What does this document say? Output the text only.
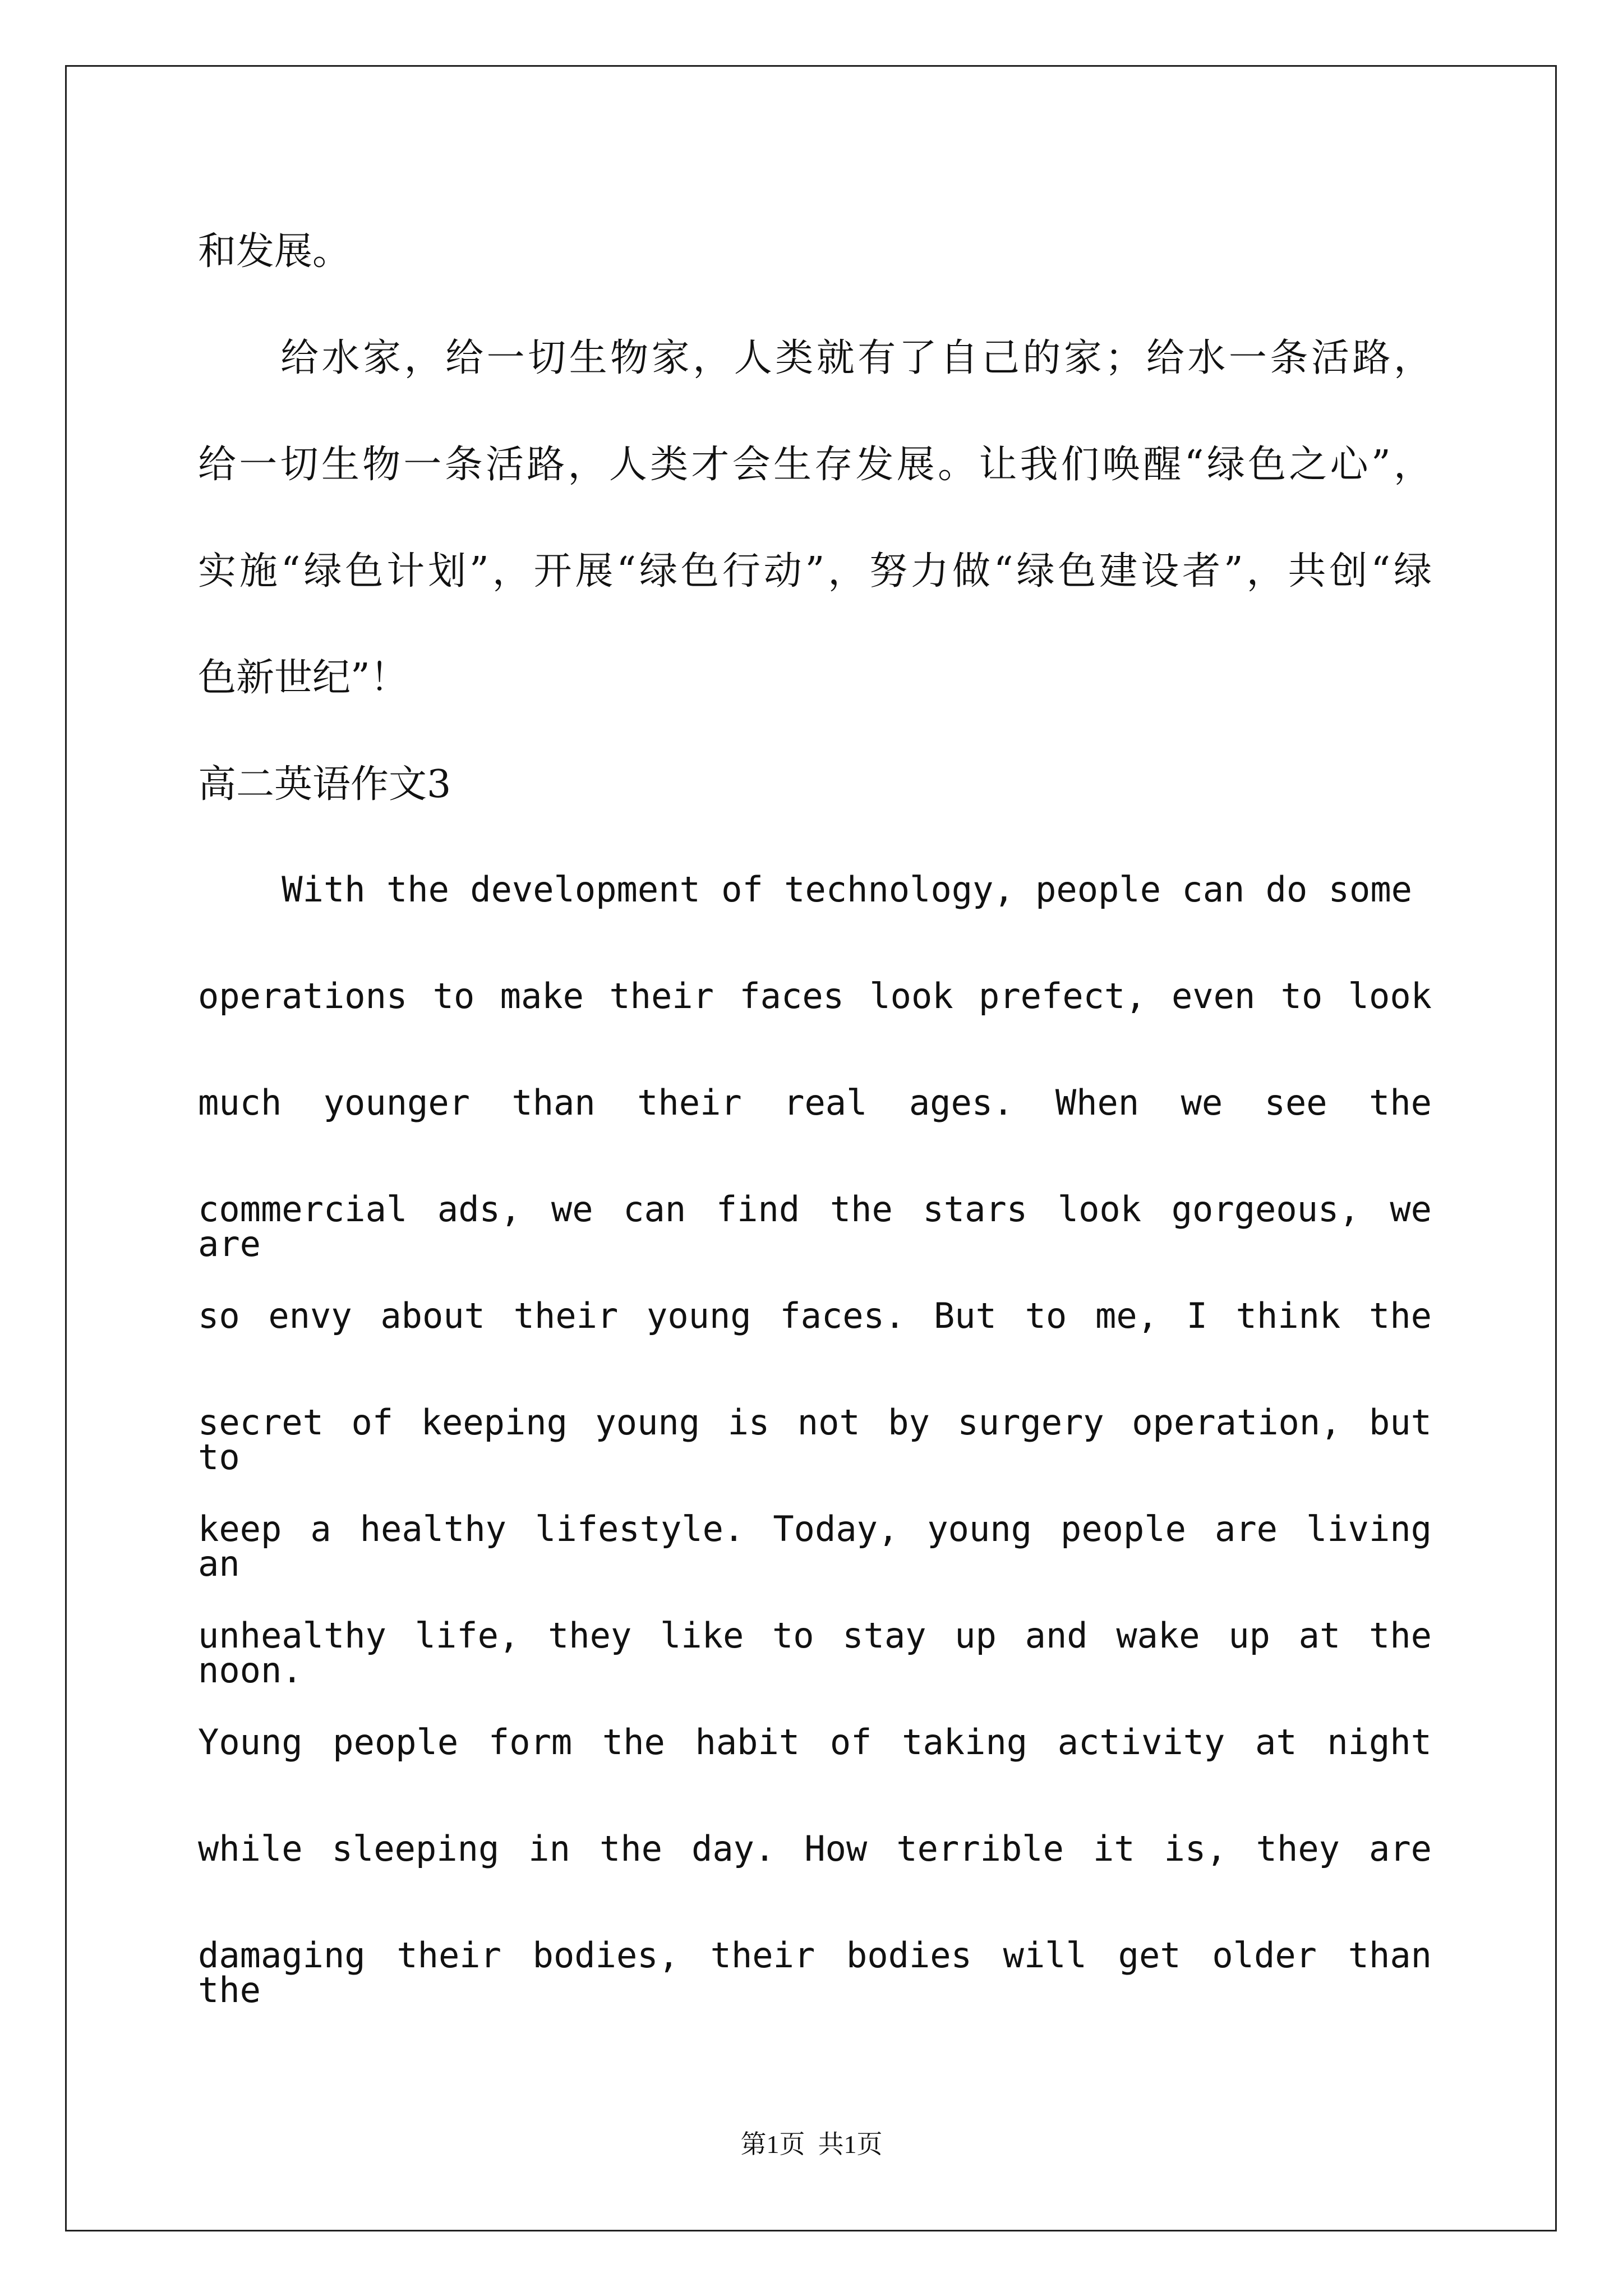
和发展。
　　给水家，给一切生物家，人类就有了自己的家；给水一条活路，
给一切生物一条活路，人类才会生存发展。让我们唤醒“绿色之心”，
实施“绿色计划”，开展“绿色行动”，努力做“绿色建设者”，共创“绿
色新世纪”！
高二英语作文3
With the development of technology, people can do some
operations to make their faces look prefect, even to look
much younger than their real ages. When we see the
commercial ads, we can find the stars look gorgeous, we are
so envy about their young faces. But to me, I think the
secret of keeping young is not by surgery operation, but to
keep a healthy lifestyle. Today, young people are living an
unhealthy life, they like to stay up and wake up at the noon.
Young people form the habit of taking activity at night
while sleeping in the day. How terrible it is, they are
damaging their bodies, their bodies will get older than the
第1页  共1页
